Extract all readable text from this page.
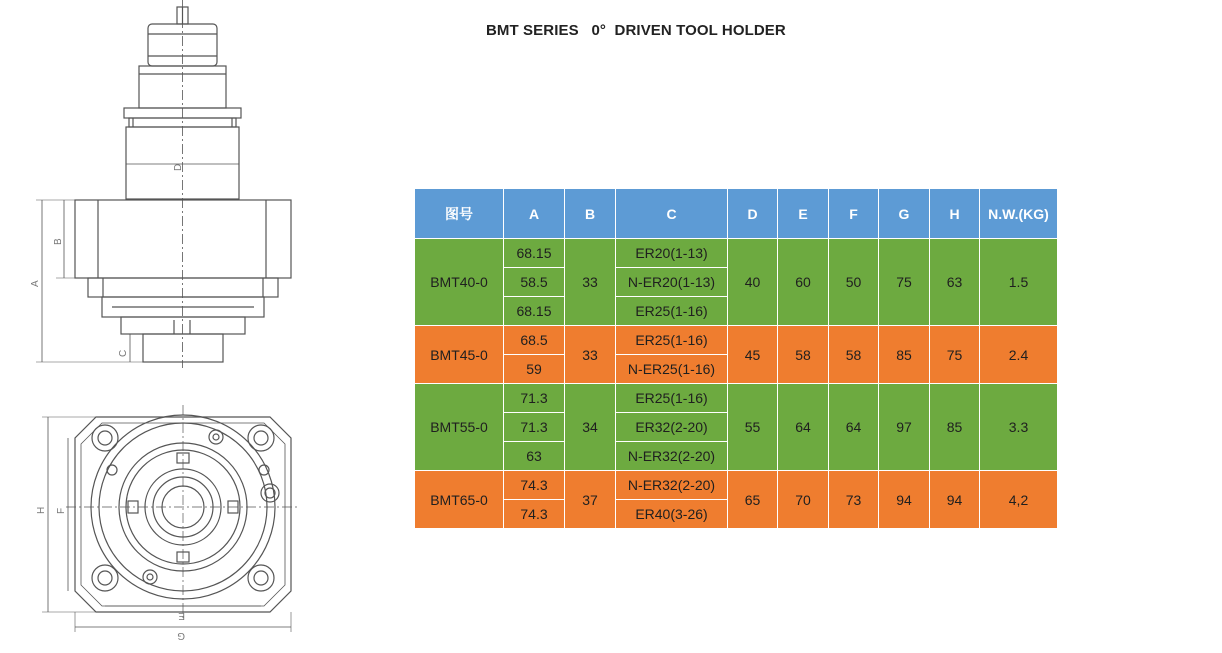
BMT SERIES   0°  DRIVEN TOOL HOLDER
D
A
B
C
H F
E
G
图号	A	B	C	D	E	F	G	H	N.W.(KG)
BMT40-0	68.15	33	ER20(1-13)	40	60	50	75	63	1.5
	58.5		N-ER20(1-13)						
	68.15		ER25(1-16)						
BMT45-0	68.5	33	ER25(1-16)	45	58	58	85	75	2.4
	59		N-ER25(1-16)						
BMT55-0	71.3	34	ER25(1-16)	55	64	64	97	85	3.3
	71.3		ER32(2-20)						
	63		N-ER32(2-20)						
BMT65-0	74.3	37	N-ER32(2-20)	65	70	73	94	94	4,2
	74.3		ER40(3-26)						
